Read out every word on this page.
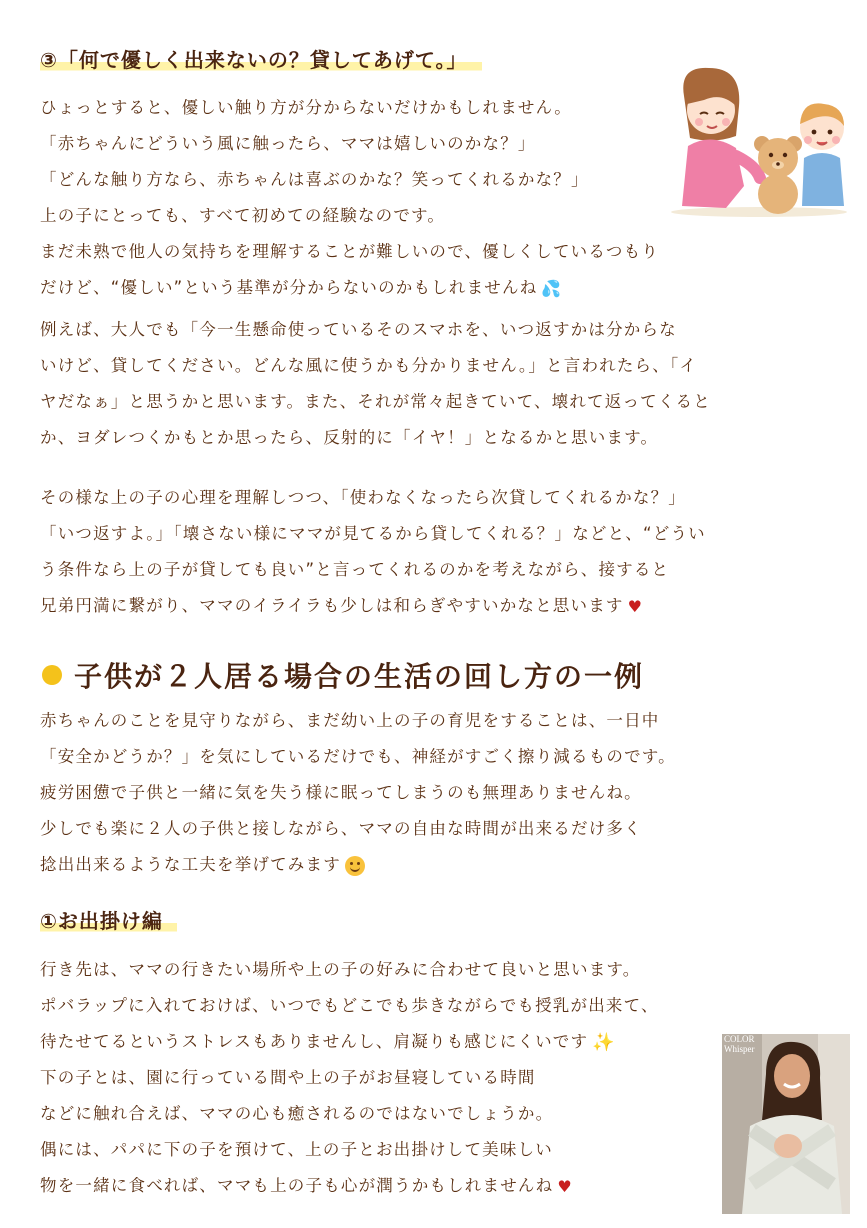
③「何で優しく出来ないの？貸してあげて。」
ひょっとすると、優しい触り方が分からないだけかもしれません。
「赤ちゃんにどういう風に触ったら、ママは嬉しいのかな？」
「どんな触り方なら、赤ちゃんは喜ぶのかな？笑ってくれるかな？」
上の子にとっても、すべて初めての経験なのです。
まだ未熟で他人の気持ちを理解することが難しいので、優しくしているつもり
だけど、“優しい”という基準が分からないのかもしれませんね 💦
例えば、大人でも「今一生懸命使っているそのスマホを、いつ返すかは分からな
いけど、貸してください。どんな風に使うかも分かりません。」と言われたら、「イ
ヤだなぁ」と思うかと思います。また、それが常々起きていて、壊れて返ってくると
か、ヨダレつくかもとか思ったら、反射的に「イヤ！」となるかと思います。
その様な上の子の心理を理解しつつ、「使わなくなったら次貸してくれるかな？」
「いつ返すよ。」「壊さない様にママが見てるから貸してくれる？」などと、“どうい
う条件なら上の子が貸しても良い”と言ってくれるのかを考えながら、接すると
兄弟円満に繋がり、ママのイライラも少しは和らぎやすいかなと思います ♥
子供が２人居る場合の生活の回し方の一例
赤ちゃんのことを見守りながら、まだ幼い上の子の育児をすることは、一日中
「安全かどうか？」を気にしているだけでも、神経がすごく擦り減るものです。
疲労困憊で子供と一緒に気を失う様に眠ってしまうのも無理ありませんね。
少しでも楽に２人の子供と接しながら、ママの自由な時間が出来るだけ多く
捻出出来るような工夫を挙げてみます
①お出掛け編
行き先は、ママの行きたい場所や上の子の好みに合わせて良いと思います。
ポバラップに入れておけば、いつでもどこでも歩きながらでも授乳が出来て、
待たせてるというストレスもありませんし、肩凝りも感じにくいです ✨
下の子とは、園に行っている間や上の子がお昼寝している時間
などに触れ合えば、ママの心も癒されるのではないでしょうか。
偶には、パパに下の子を預けて、上の子とお出掛けして美味しい
物を一緒に食べれば、ママも上の子も心が潤うかもしれませんね ♥
COLOR
Whisper
